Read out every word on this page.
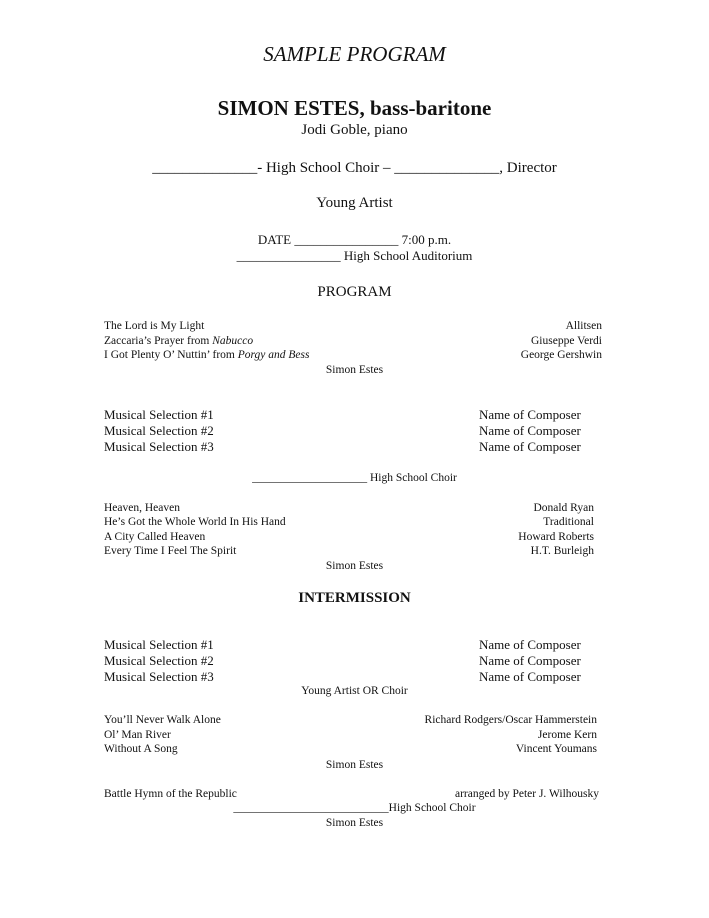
SAMPLE PROGRAM
SIMON ESTES, bass-baritone
Jodi Goble, piano
______________- High School Choir – ______________, Director
Young Artist
DATE ________________ 7:00 p.m.
________________ High School Auditorium
PROGRAM
The Lord is My Light	Allitsen
Zaccaria’s Prayer from Nabucco	Giuseppe Verdi
I Got Plenty O’ Nuttin’ from Porgy and Bess	George Gershwin
Simon Estes
Musical Selection #1	Name of Composer
Musical Selection #2	Name of Composer
Musical Selection #3	Name of Composer
____________________ High School Choir
Heaven, Heaven	Donald Ryan
He’s Got the Whole World In His Hand	Traditional
A City Called Heaven	Howard Roberts
Every Time I Feel The Spirit	H.T. Burleigh
Simon Estes
INTERMISSION
Musical Selection #1	Name of Composer
Musical Selection #2	Name of Composer
Musical Selection #3	Name of Composer
Young Artist OR Choir
You’ll Never Walk Alone	Richard Rodgers/Oscar Hammerstein
Ol’ Man River	Jerome Kern
Without A Song	Vincent Youmans
Simon Estes
Battle Hymn of the Republic	arranged by Peter J. Wilhousky
___________________________High School Choir
Simon Estes
